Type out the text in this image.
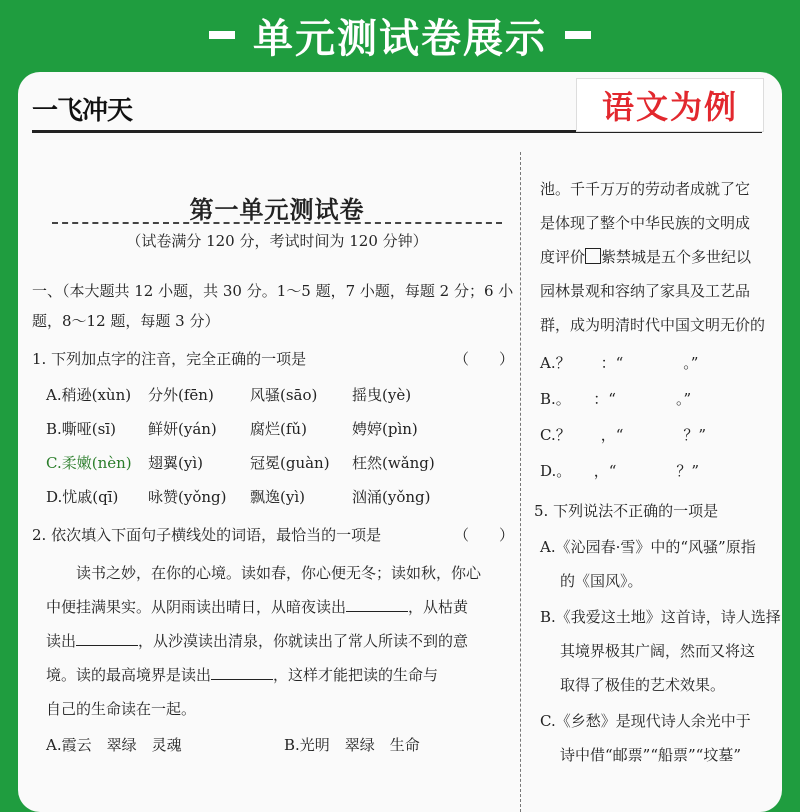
单元测试卷展示
一飞冲天	语文为例
第一单元测试卷
（试卷满分 120 分，考试时间为 120 分钟）
一、（本大题共 12 小题，共 30 分。1～5 题，7 小题，每题 2 分；6 小
题，8～12 题，每题 3 分）
1. 下列加点字的注音，完全正确的一项是	（　　）
A.稍逊(xùn) 分外(fēn) 风骚(sāo) 摇曳(yè)
B.嘶哑(sī) 鲜妍(yán) 腐烂(fǔ)	娉婷(pìn)
C.柔嫩(nèn) 翅翼(yì)	冠冕(guàn) 枉然(wǎng)
D.忧戚(qī) 咏赞(yǒng) 飘逸(yì)	汹涌(yǒng)
2. 依次填入下面句子横线处的词语，最恰当的一项是	（　　）
　　读书之妙，在你的心境。读如春，你心便无冬；读如秋，你心
中便挂满果实。从阴雨读出晴日，从暗夜读出	，从枯黄
读出	，从沙漠读出清泉，你就读出了常人所读不到的意
境。读的最高境界是读出	，这样才能把读的生命与
自己的生命读在一起。
A.霞云　翠绿　灵魂	B.光明　翠绿　生命
池。千千万万的劳动者成就了它
是体现了整个中华民族的文明成
度评价 紫禁城是五个多世纪以
园林景观和容纳了家具及工艺品
群，成为明清时代中国文明无价的
A.？　　：“　　　　。”
B.。　　：“　　　　。”
C.？　　，“　　　　？”
D.。　　，“　　　　？”
5. 下列说法不正确的一项是
A.《沁园春·雪》中的“风骚”原指
的《国风》。
B.《我爱这土地》这首诗，诗人选择
其境界极其广阔，然而又将这
取得了极佳的艺术效果。
C.《乡愁》是现代诗人余光中于
诗中借“邮票”“船票”“坟墓”
